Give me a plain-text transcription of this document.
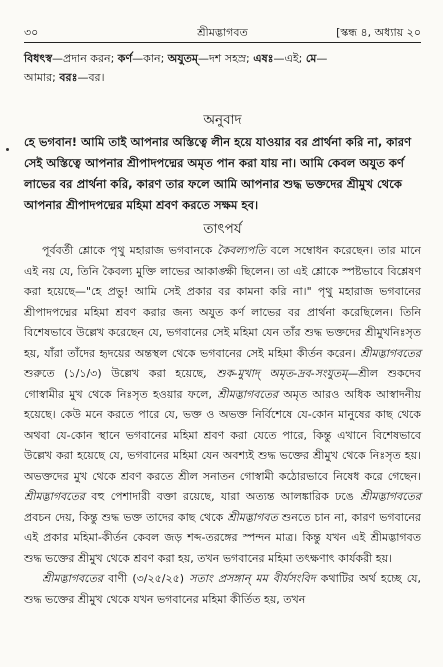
৩০	শ্রীমদ্ভাগবত	[স্কন্ধ ৪, অধ্যায় ২০
বিধৎস্ব—প্রদান করন; কর্ণ—কান; অযুতম্—দশ সহস্র; এষঃ—এই; মে—
আমার; বরঃ—বর।
অনুবাদ
হে ভগবান! আমি তাই আপনার অস্তিত্বে লীন হয়ে যাওয়ার বর প্রার্থনা করি না, কারণ সেই অস্তিত্বে আপনার শ্রীপাদপদ্মের অমৃত পান করা যায় না। আমি কেবল অযুত কর্ণ লাভের বর প্রার্থনা করি, কারণ তার ফলে আমি আপনার শুদ্ধ ভক্তদের শ্রীমুখ থেকে আপনার শ্রীপাদপদ্মের মহিমা শ্রবণ করতে সক্ষম হব।
তাৎপর্য

পূর্ববর্তী শ্লোকে পৃথু মহারাজ ভগবানকে কৈবল্যপতি বলে সম্বোধন করেছেন। তার মানে এই নয় যে, তিনি কৈবল্য মুক্তি লাভের আকাঙ্ক্ষী ছিলেন। তা এই শ্লোকে স্পষ্টভাবে বিশ্লেষণ করা হয়েছে—"হে প্রভু! আমি সেই প্রকার বর কামনা করি না।" পৃথু মহারাজ ভগবানের শ্রীপাদপদ্মের মহিমা শ্রবণ করার জন্য অযুত কর্ণ লাভের বর প্রার্থনা করেছিলেন। তিনি বিশেষভাবে উল্লেখ করেছেন যে, ভগবানের সেই মহিমা যেন তাঁর শুদ্ধ ভক্তদের শ্রীমুখনিঃসৃত হয়, যাঁরা তাঁদের হৃদয়ের অন্তস্থল থেকে ভগবানের সেই মহিমা কীর্তন করেন। শ্রীমদ্ভাগবতের শুরুতে (১/১/৩) উল্লেখ করা হয়েছে, শুক-মুখাদ্ অমৃত-দ্রব-সংযুতম্—শ্রীল শুকদেব গোস্বামীর মুখ থেকে নিঃসৃত হওয়ার ফলে, শ্রীমদ্ভাগবতের অমৃত আরও অধিক আস্বাদনীয় হয়েছে। কেউ মনে করতে পারে যে, ভক্ত ও অভক্ত নির্বিশেষে যে-কোন মানুষের কাছ থেকে অথবা যে-কোন স্থানে ভগবানের মহিমা শ্রবণ করা যেতে পারে, কিন্তু এখানে বিশেষভাবে উল্লেখ করা হয়েছে যে, ভগবানের মহিমা যেন অবশ্যই শুদ্ধ ভক্তের শ্রীমুখ থেকে নিঃসৃত হয়। অভক্তদের মুখ থেকে শ্রবণ করতে শ্রীল সনাতন গোস্বামী কঠোরভাবে নিষেধ করে গেছেন। শ্রীমদ্ভাগবতের বহু পেশাদারী বক্তা রয়েছে, যারা অত্যন্ত আলঙ্কারিক ঢঙে শ্রীমদ্ভাগবতের প্রবচন দেয়, কিন্তু শুদ্ধ ভক্ত তাদের কাছ থেকে শ্রীমদ্ভাগবত শুনতে চান না, কারণ ভগবানের এই প্রকার মহিমা-কীর্তন কেবল জড় শব্দ-তরঙ্গের স্পন্দন মাত্র। কিন্তু যখন এই শ্রীমদ্ভাগবত শুদ্ধ ভক্তের শ্রীমুখ থেকে শ্রবণ করা হয়, তখন ভগবানের মহিমা তৎক্ষণাৎ কার্যকরী হয়।

শ্রীমদ্ভাগবতের বাণী (৩/২৫/২৫) সতাং প্রসঙ্গান্ মম বীর্যসংবিদ কথাটির অর্থ হচ্ছে যে, শুদ্ধ ভক্তের শ্রীমুখ থেকে যখন ভগবানের মহিমা কীর্তিত হয়, তখন
